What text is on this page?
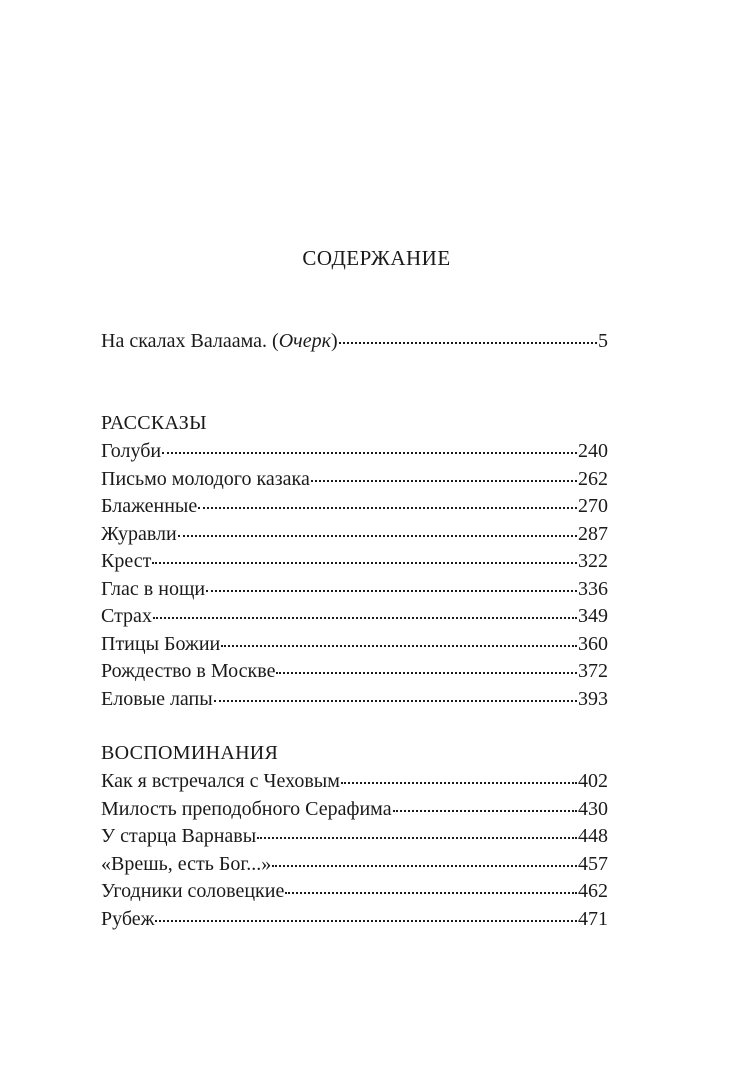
СОДЕРЖАНИЕ
На скалах Валаама. (Очерк)	5
РАССКАЗЫ
Голуби	240
Письмо молодого казака	262
Блаженные	270
Журавли	287
Крест	322
Глас в нощи	336
Страх	349
Птицы Божии	360
Рождество в Москве	372
Еловые лапы	393
ВОСПОМИНАНИЯ
Как я встречался с Чеховым	402
Милость преподобного Серафима	430
У старца Варнавы	448
«Врешь, есть Бог...»	457
Угодники соловецкие	462
Рубеж	471
